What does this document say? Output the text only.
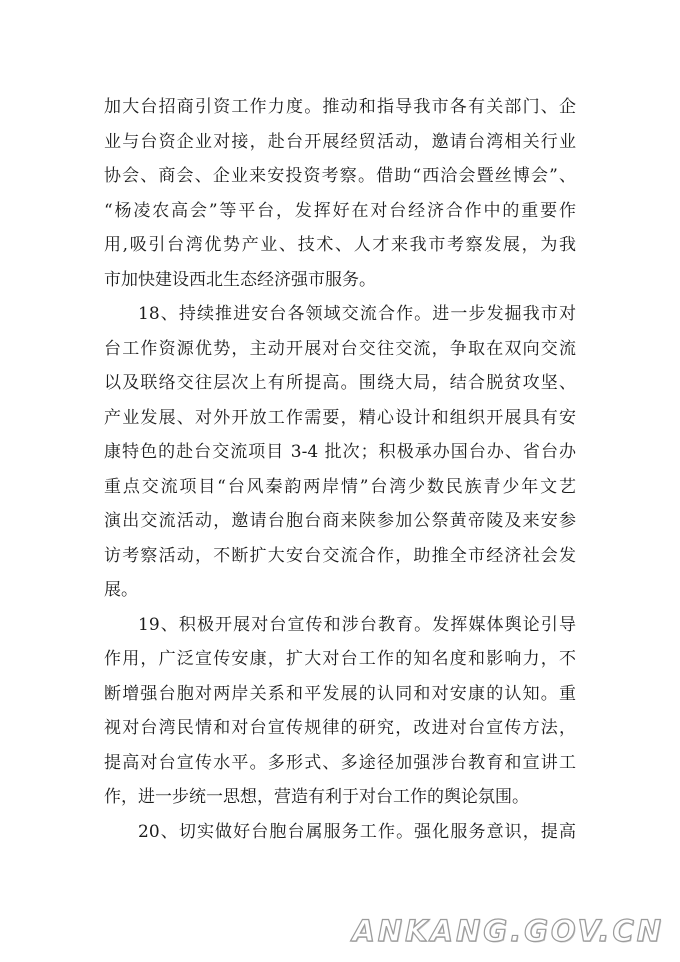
加大台招商引资工作力度。推动和指导我市各有关部门、企
业与台资企业对接，赴台开展经贸活动，邀请台湾相关行业
协会、商会、企业来安投资考察。借助“西洽会暨丝博会”、
“杨凌农高会”等平台，发挥好在对台经济合作中的重要作
用,吸引台湾优势产业、技术、人才来我市考察发展，为我
市加快建设西北生态经济强市服务。
18、持续推进安台各领域交流合作。进一步发掘我市对
台工作资源优势，主动开展对台交往交流，争取在双向交流
以及联络交往层次上有所提高。围绕大局，结合脱贫攻坚、
产业发展、对外开放工作需要，精心设计和组织开展具有安
康特色的赴台交流项目 3-4 批次；积极承办国台办、省台办
重点交流项目“台风秦韵两岸情”台湾少数民族青少年文艺
演出交流活动，邀请台胞台商来陕参加公祭黄帝陵及来安参
访考察活动，不断扩大安台交流合作，助推全市经济社会发
展。
19、积极开展对台宣传和涉台教育。发挥媒体舆论引导
作用，广泛宣传安康，扩大对台工作的知名度和影响力，不
断增强台胞对两岸关系和平发展的认同和对安康的认知。重
视对台湾民情和对台宣传规律的研究，改进对台宣传方法，
提高对台宣传水平。多形式、多途径加强涉台教育和宣讲工
作，进一步统一思想，营造有利于对台工作的舆论氛围。
20、切实做好台胞台属服务工作。强化服务意识，提高
ANKANG.GOV.CN
